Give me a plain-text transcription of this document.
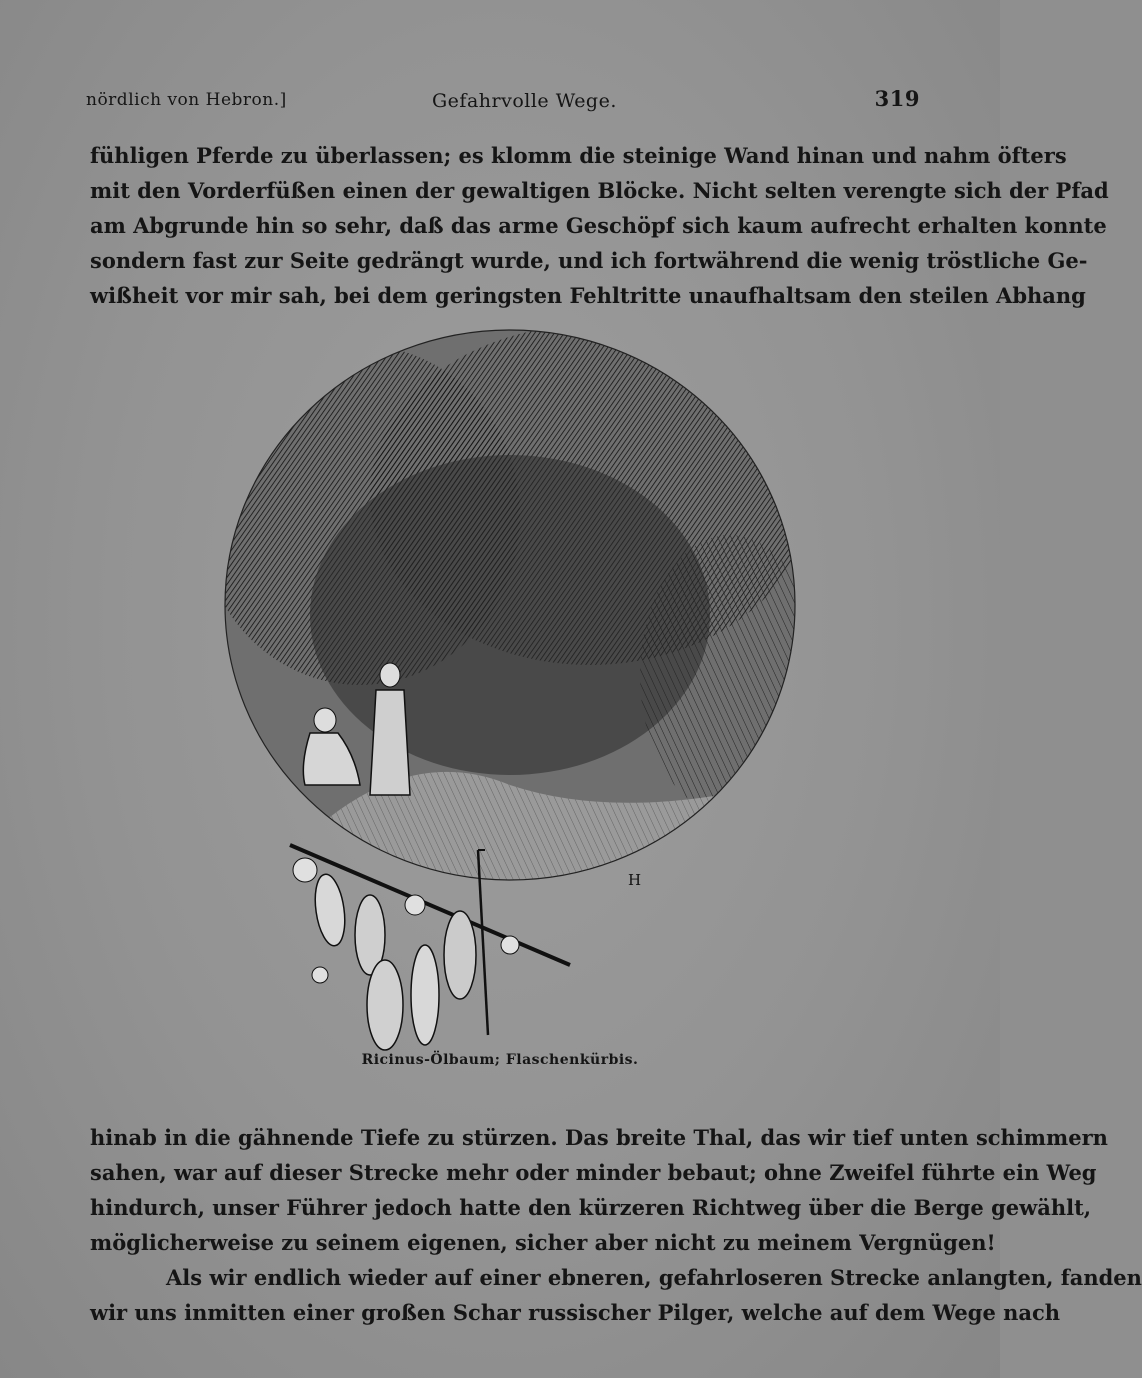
nördlich von Hebron.]	Gefahrvolle Wege.	319
fühligen Pferde zu überlassen; es klomm die steinige Wand hinan und nahm öfters
mit den Vorderfüßen einen der gewaltigen Blöcke. Nicht selten verengte sich der Pfad
am Abgrunde hin so sehr, daß das arme Geschöpf sich kaum aufrecht erhalten konnte
sondern fast zur Seite gedrängt wurde, und ich fortwährend die wenig tröstliche Ge-
wißheit vor mir sah, bei dem geringsten Fehltritte unaufhaltsam den steilen Abhang
H
Ricinus-Ölbaum; Flaschenkürbis.
hinab in die gähnende Tiefe zu stürzen. Das breite Thal, das wir tief unten schimmern
sahen, war auf dieser Strecke mehr oder minder bebaut; ohne Zweifel führte ein Weg
hindurch, unser Führer jedoch hatte den kürzeren Richtweg über die Berge gewählt,
möglicherweise zu seinem eigenen, sicher aber nicht zu meinem Vergnügen!
Als wir endlich wieder auf einer ebneren, gefahrloseren Strecke anlangten, fanden
wir uns inmitten einer großen Schar russischer Pilger, welche auf dem Wege nach
